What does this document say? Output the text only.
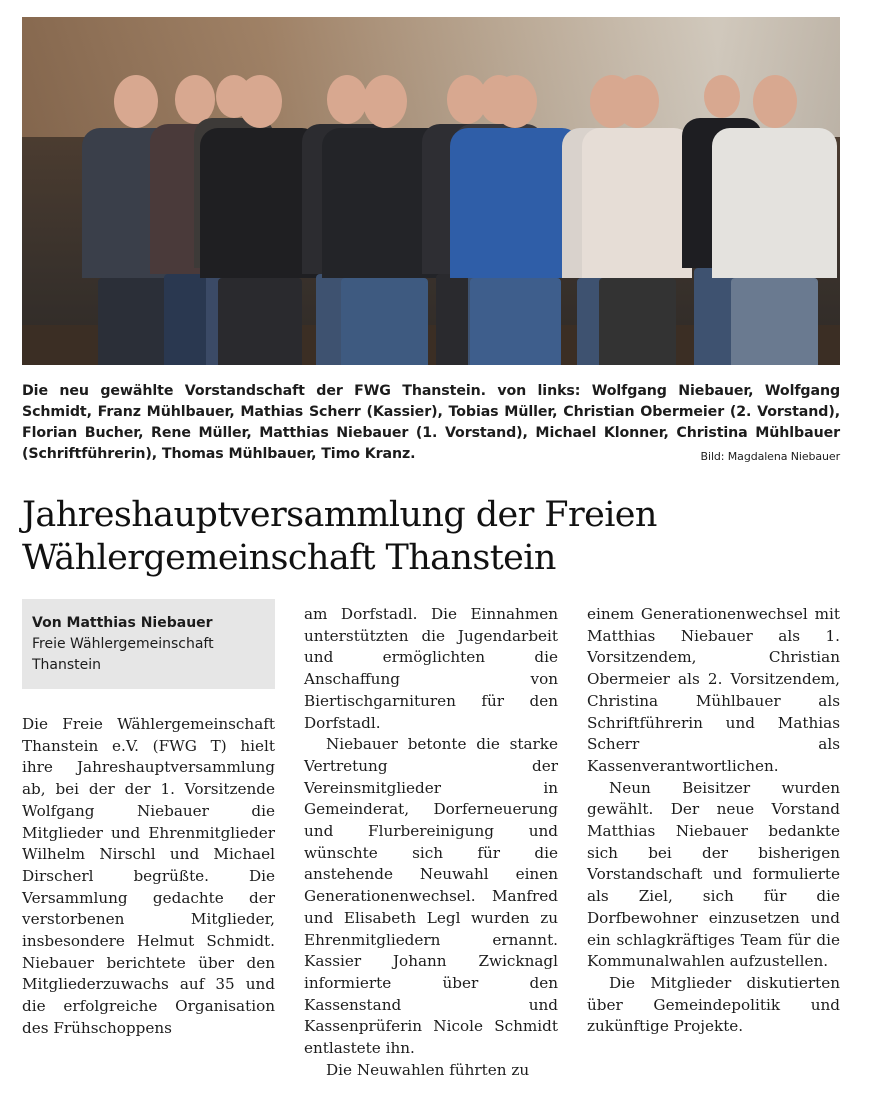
Die neu gewählte Vorstandschaft der FWG Thanstein. von links: Wolfgang Niebauer, Wolfgang Schmidt, Franz Mühlbauer, Mathias Scherr (Kassier), Tobias Müller, Christian Obermeier (2. Vorstand), Florian Bucher, Rene Müller, Matthias Niebauer (1. Vorstand), Michael Klonner, Christina Mühlbauer (Schriftführerin), Thomas Mühlbauer, Timo Kranz.	Bild: Magdalena Niebauer
Jahreshauptversammlung der Freien Wählergemeinschaft Thanstein
Von Matthias Niebauer
Freie Wählergemeinschaft Thanstein

Die Freie Wählergemeinschaft Thanstein e.V. (FWG T) hielt ihre Jahreshauptversammlung ab, bei der der 1. Vorsitzende Wolfgang Niebauer die Mitglieder und Ehrenmitglieder Wilhelm Nirschl und Michael Dirscherl begrüßte. Die Versammlung gedachte der verstorbenen Mitglieder, insbesondere Helmut Schmidt. Niebauer berichtete über den Mitgliederzuwachs auf 35 und die erfolgreiche Organisation des Frühschoppens

am Dorfstadl. Die Einnahmen unterstützten die Jugendarbeit und ermöglichten die Anschaffung von Biertischgarnituren für den Dorfstadl.

Niebauer betonte die starke Vertretung der Vereinsmitglieder in Gemeinderat, Dorferneuerung und Flurbereinigung und wünschte sich für die anstehende Neuwahl einen Generationenwechsel. Manfred und Elisabeth Legl wurden zu Ehrenmitgliedern ernannt. Kassier Johann Zwicknagl informierte über den Kassenstand und Kassenprüferin Nicole Schmidt entlastete ihn.

Die Neuwahlen führten zu

einem Generationenwechsel mit Matthias Niebauer als 1. Vorsitzendem, Christian Obermeier als 2. Vorsitzendem, Christina Mühlbauer als Schriftführerin und Mathias Scherr als Kassenverantwortlichen.

Neun Beisitzer wurden gewählt. Der neue Vorstand Matthias Niebauer bedankte sich bei der bisherigen Vorstandschaft und formulierte als Ziel, sich für die Dorfbewohner einzusetzen und ein schlagkräftiges Team für die Kommunalwahlen aufzustellen.

Die Mitglieder diskutierten über Gemeindepolitik und zukünftige Projekte.
